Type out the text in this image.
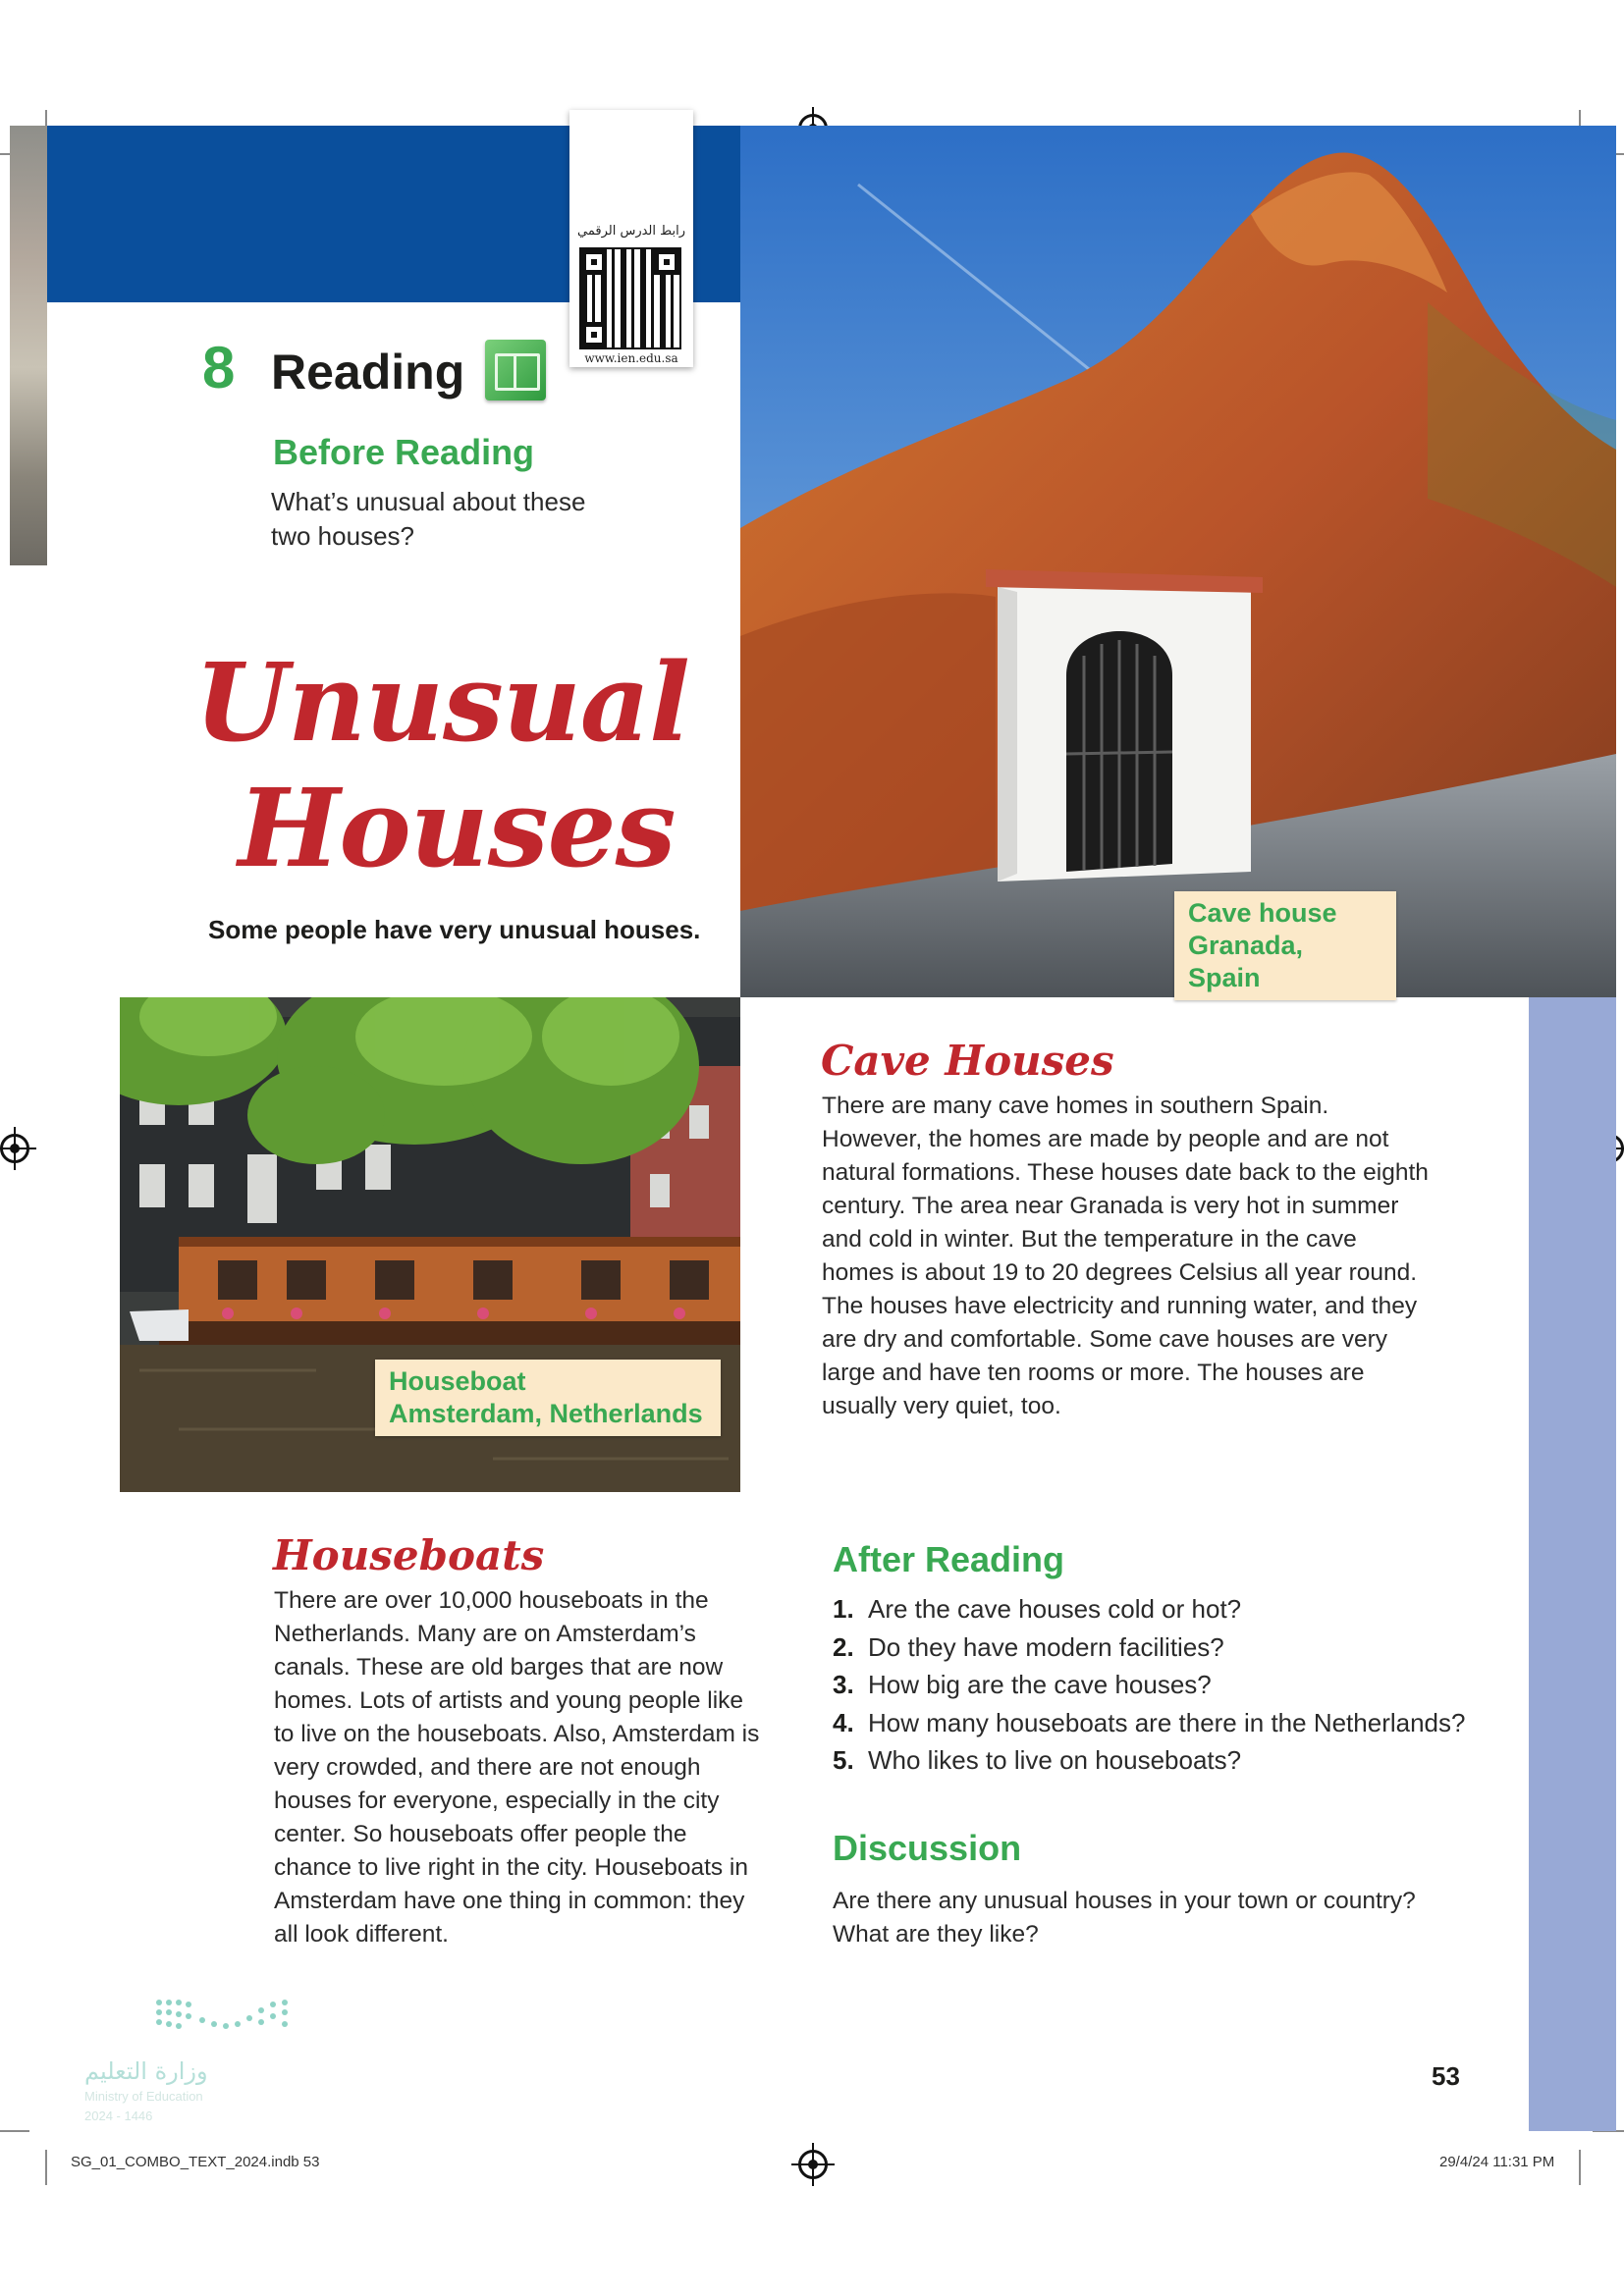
رابط الدرس الرقمي
www.ien.edu.sa
8 Reading
Before Reading
What’s unusual about these two houses?
Unusual
Houses
Some people have very unusual houses.
Cave house
Granada, Spain
Houseboat
Amsterdam, Netherlands
Cave Houses
There are many cave homes in southern Spain. However, the homes are made by people and are not natural formations. These houses date back to the eighth century. The area near Granada is very hot in summer and cold in winter. But the temperature in the cave homes is about 19 to 20 degrees Celsius all year round. The houses have electricity and running water, and they are dry and comfortable. Some cave houses are very large and have ten rooms or more. The houses are usually very quiet, too.
Houseboats
There are over 10,000 houseboats in the Netherlands. Many are on Amsterdam’s canals. These are old barges that are now homes. Lots of artists and young people like to live on the houseboats. Also, Amsterdam is very crowded, and there are not enough houses for everyone, especially in the city center. So houseboats offer people the chance to live right in the city. Houseboats in Amsterdam have one thing in common: they all look different.
After Reading
1. Are the cave houses cold or hot?
2. Do they have modern facilities?
3. How big are the cave houses?
4. How many houseboats are there in the Netherlands?
5. Who likes to live on houseboats?
Discussion
Are there any unusual houses in your town or country? What are they like?
53
وزارة التعليم
Ministry of Education
2024 - 1446
SG_01_COMBO_TEXT_2024.indb 53	29/4/24 11:31 PM
